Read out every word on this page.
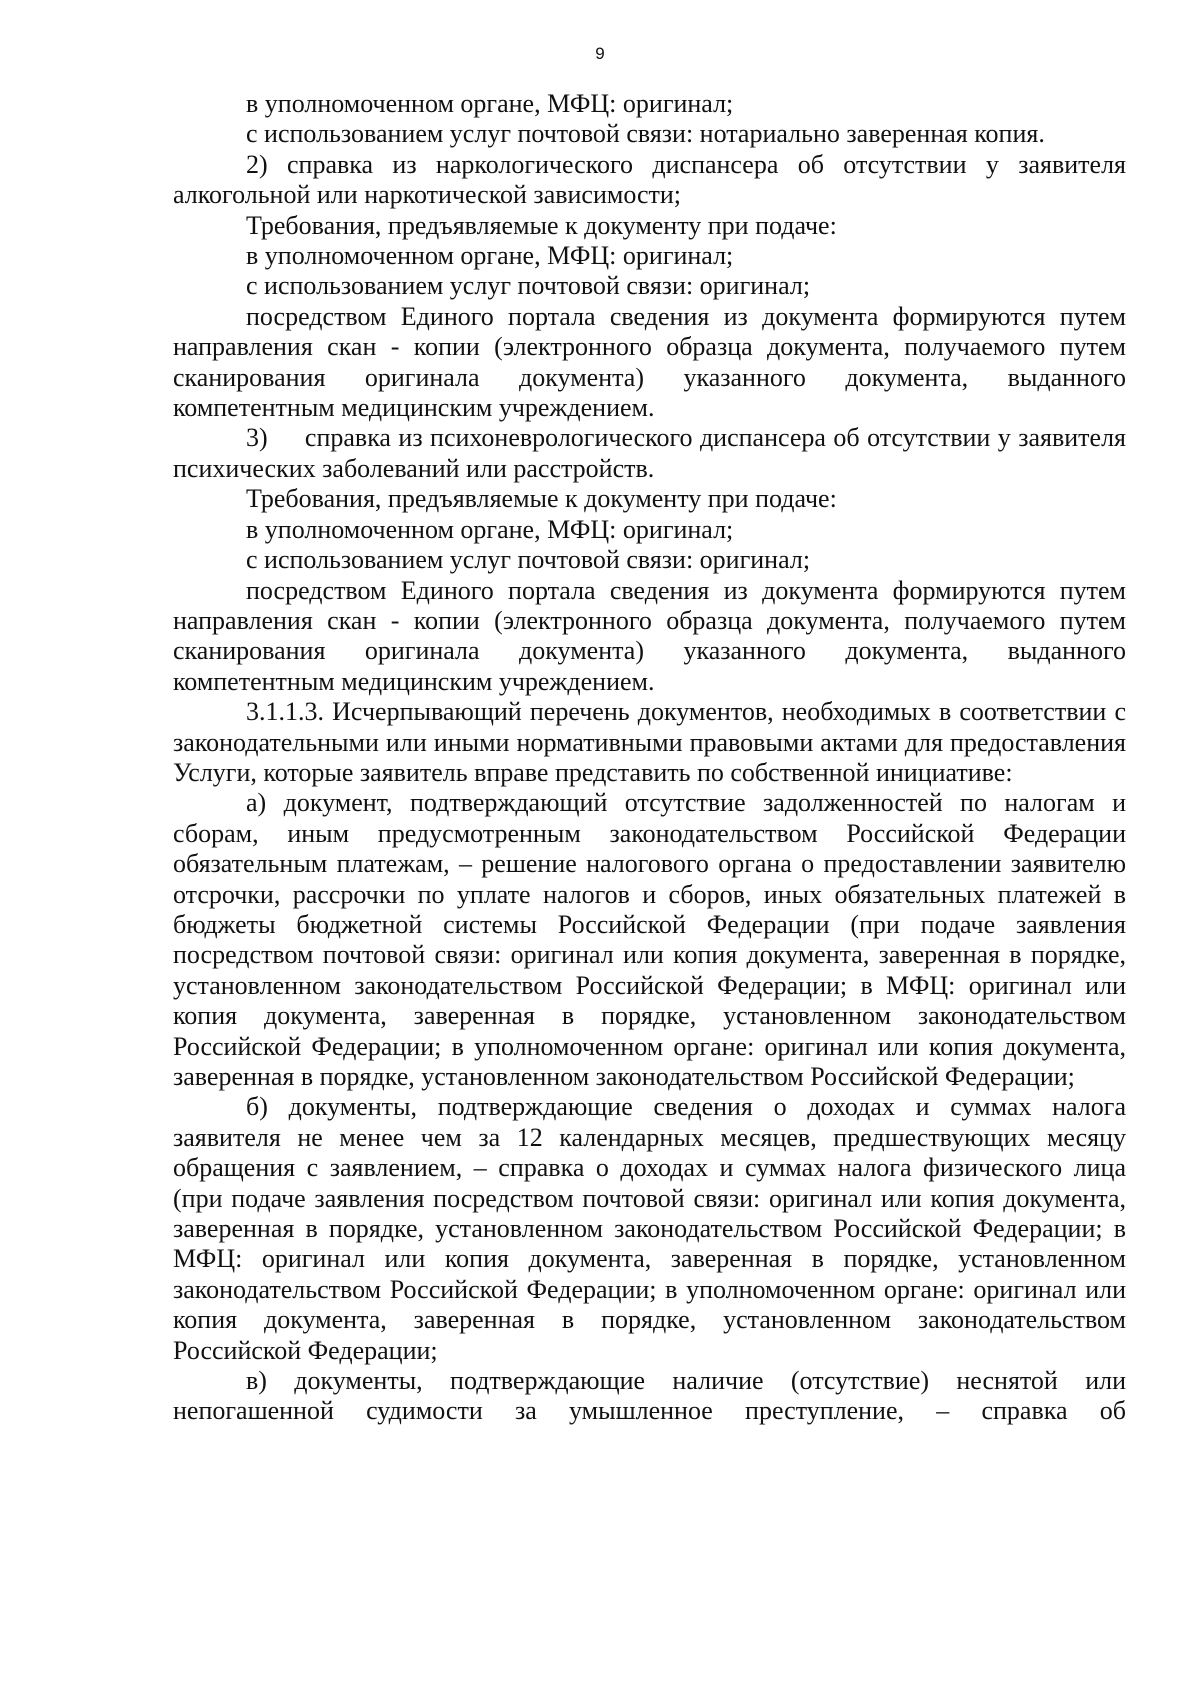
9

в уполномоченном органе, МФЦ: оригинал;

с использованием услуг почтовой связи: нотариально заверенная копия.

2) справка из наркологического диспансера об отсутствии у заявителя алкогольной или наркотической зависимости;

Требования, предъявляемые к документу при подаче:

в уполномоченном органе, МФЦ: оригинал;

с использованием услуг почтовой связи: оригинал;

посредством Единого портала сведения из документа формируются путем направления скан - копии (электронного образца документа, получаемого путем сканирования оригинала документа) указанного документа, выданного компетентным медицинским учреждением.

3)     справка из психоневрологического диспансера об отсутствии у заявителя психических заболеваний или расстройств.

Требования, предъявляемые к документу при подаче:

в уполномоченном органе, МФЦ: оригинал;

с использованием услуг почтовой связи: оригинал;

посредством Единого портала сведения из документа формируются путем направления скан - копии (электронного образца документа, получаемого путем сканирования оригинала документа) указанного документа, выданного компетентным медицинским учреждением.

3.1.1.3. Исчерпывающий перечень документов, необходимых в соответствии с законодательными или иными нормативными правовыми актами для предоставления Услуги, которые заявитель вправе представить по собственной инициативе:

а) документ, подтверждающий отсутствие задолженностей по налогам и сборам, иным предусмотренным законодательством Российской Федерации обязательным платежам, – решение налогового органа о предоставлении заявителю отсрочки, рассрочки по уплате налогов и сборов, иных обязательных платежей в бюджеты бюджетной системы Российской Федерации (при подаче заявления посредством почтовой связи: оригинал или копия документа, заверенная в порядке, установленном законодательством Российской Федерации; в МФЦ: оригинал или копия документа, заверенная в порядке, установленном законодательством Российской Федерации; в уполномоченном органе: оригинал или копия документа, заверенная в порядке, установленном законодательством Российской Федерации;

б) документы, подтверждающие сведения о доходах и суммах налога заявителя не менее чем за 12 календарных месяцев, предшествующих месяцу обращения с заявлением, – справка о доходах и суммах налога физического лица (при подаче заявления посредством почтовой связи: оригинал или копия документа, заверенная в порядке, установленном законодательством Российской Федерации; в МФЦ: оригинал или копия документа, заверенная в порядке, установленном законодательством Российской Федерации; в уполномоченном органе: оригинал или копия документа, заверенная в порядке, установленном законодательством Российской Федерации;

в) документы, подтверждающие наличие (отсутствие) неснятой или непогашенной судимости за умышленное преступление, – справка об
